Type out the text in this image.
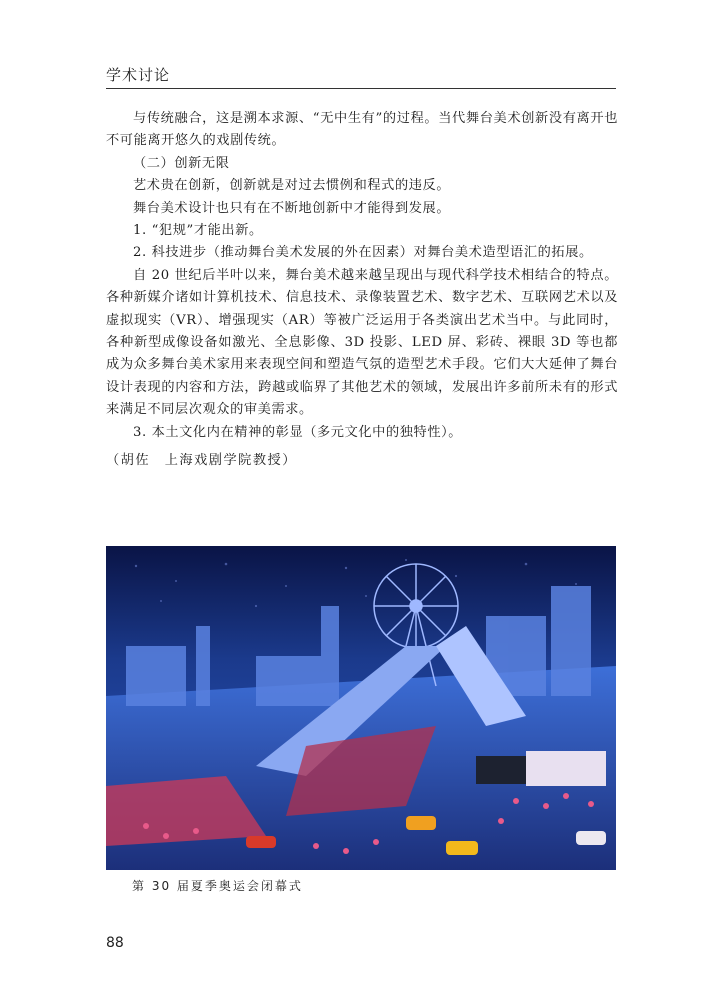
学术讨论

与传统融合，这是溯本求源、“无中生有”的过程。当代舞台美术创新没有离开也不可能离开悠久的戏剧传统。

（二）创新无限

艺术贵在创新，创新就是对过去惯例和程式的违反。

舞台美术设计也只有在不断地创新中才能得到发展。

1. “犯规”才能出新。

2. 科技进步（推动舞台美术发展的外在因素）对舞台美术造型语汇的拓展。

自 20 世纪后半叶以来，舞台美术越来越呈现出与现代科学技术相结合的特点。各种新媒介诸如计算机技术、信息技术、录像装置艺术、数字艺术、互联网艺术以及虚拟现实（VR）、增强现实（AR）等被广泛运用于各类演出艺术当中。与此同时，各种新型成像设备如激光、全息影像、3D 投影、LED 屏、彩砖、裸眼 3D 等也都成为众多舞台美术家用来表现空间和塑造气氛的造型艺术手段。它们大大延伸了舞台设计表现的内容和方法，跨越或临界了其他艺术的领域，发展出许多前所未有的形式来满足不同层次观众的审美需求。

3. 本土文化内在精神的彰显（多元文化中的独特性）。

（胡佐　上海戏剧学院教授）

第 30 届夏季奥运会闭幕式
88
